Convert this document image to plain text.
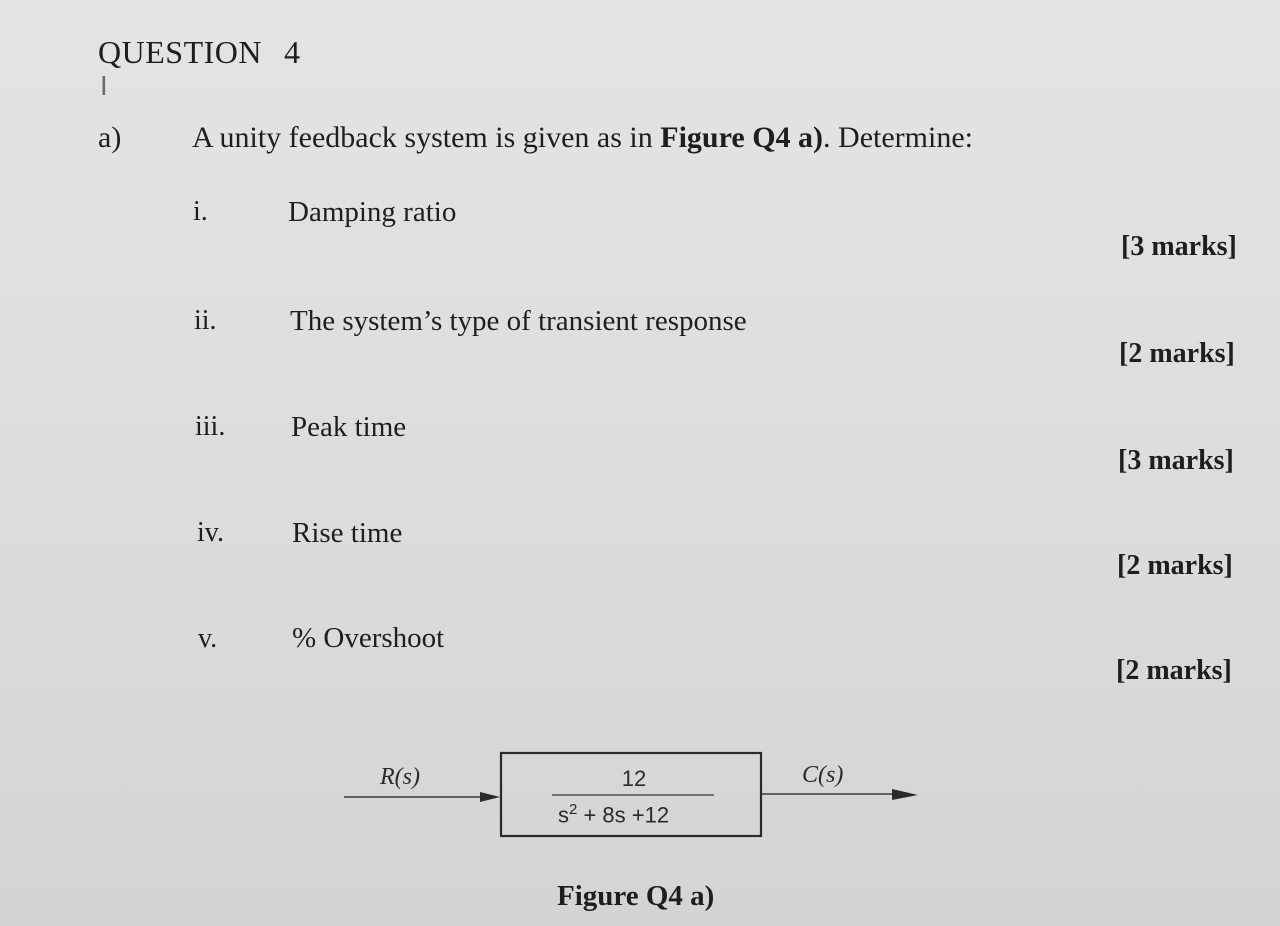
QUESTION 4
I
a) A unity feedback system is given as in Figure Q4 a). Determine:
i.	Damping ratio
[3 marks]
ii.	The system’s type of transient response
[2 marks]
iii. Peak time
[3 marks]
iv. Rise time
[2 marks]
v.	% Overshoot
[2 marks]
R(s)	C(s)
12
$s^2 + 8s +12$
Figure Q4 a)
